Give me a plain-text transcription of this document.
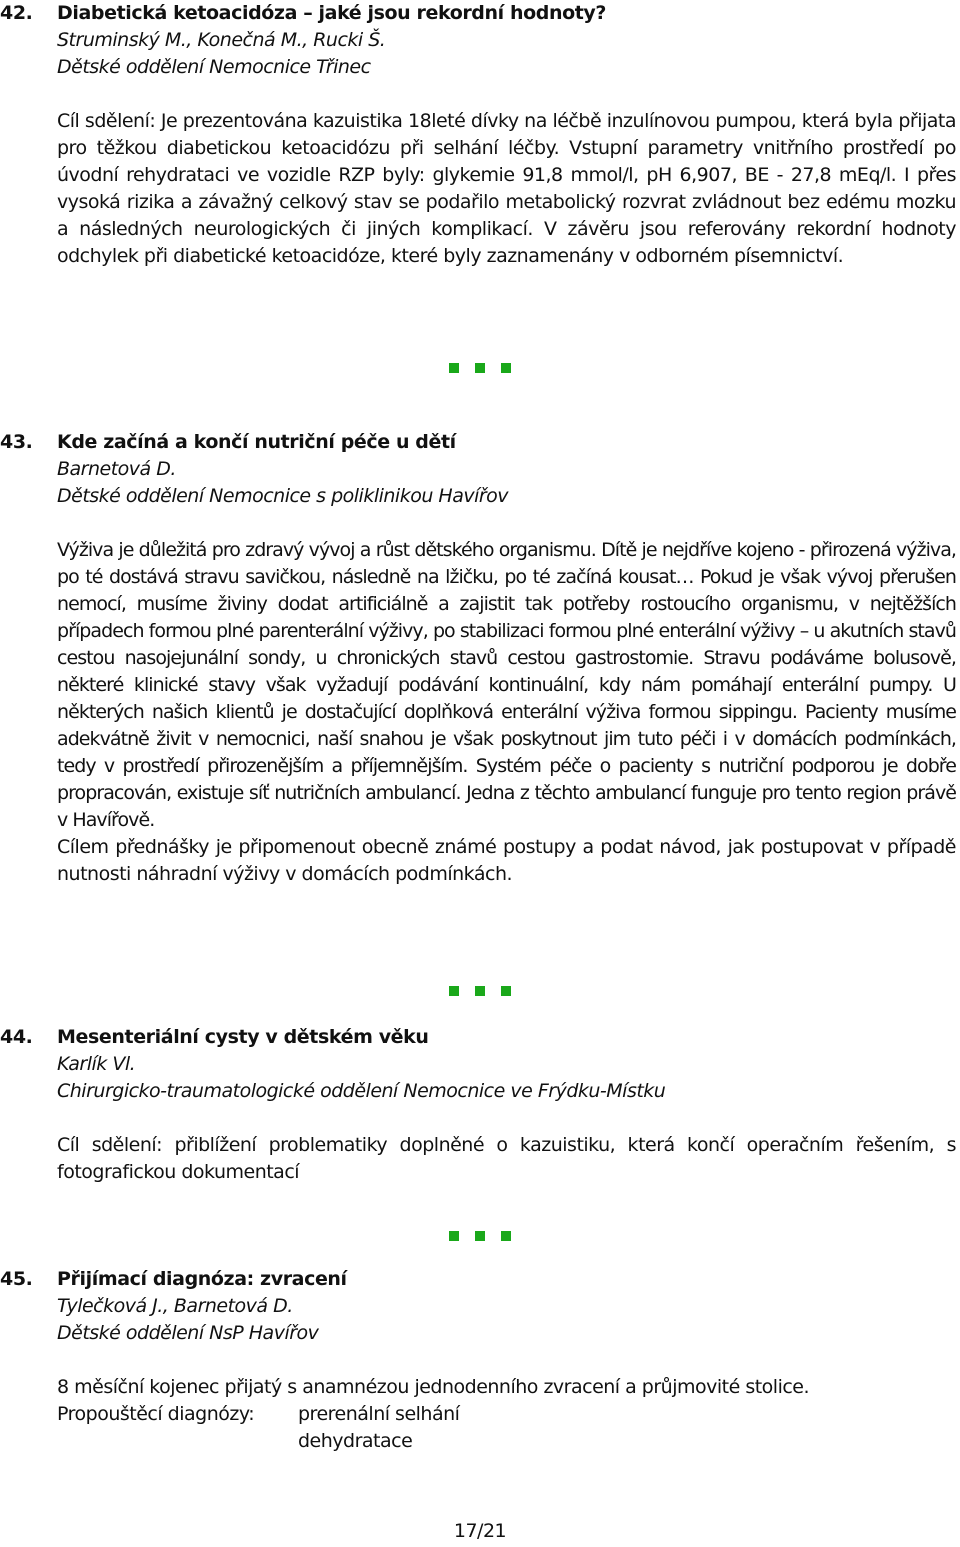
42. Diabetická ketoacidóza – jaké jsou rekordní hodnoty?
Struminský M., Konečná M., Rucki Š.
Dětské oddělení Nemocnice Třinec
Cíl sdělení: Je prezentována kazuistika 18leté dívky na léčbě inzulínovou pumpou, která byla přijata pro těžkou diabetickou ketoacidózu při selhání léčby. Vstupní parametry vnitřního prostředí po úvodní rehydrataci ve vozidle RZP byly: glykemie 91,8 mmol/l, pH 6,907, BE - 27,8 mEq/l. I přes vysoká rizika a závažný celkový stav se podařilo metabolický rozvrat zvládnout bez edému mozku a následných neurologických či jiných komplikací. V závěru jsou referovány rekordní hodnoty odchylek při diabetické ketoacidóze, které byly zaznamenány v odborném písemnictví.
43. Kde začíná a končí nutriční péče u dětí
Barnetová D.
Dětské oddělení Nemocnice s poliklinikou Havířov
Výživa je důležitá pro zdravý vývoj a růst dětského organismu. Dítě je nejdříve kojeno - přirozená výživa, po té dostává stravu savičkou, následně na lžičku, po té začíná kousat… Pokud je však vývoj přerušen nemocí, musíme živiny dodat artificiálně a zajistit tak potřeby rostoucího organismu, v nejtěžších případech formou plné parenterální výživy, po stabilizaci formou plné enterální výživy – u akutních stavů cestou nasojejunální sondy, u chronických stavů cestou gastrostomie. Stravu podáváme bolusově, některé klinické stavy však vyžadují podávání kontinuální, kdy nám pomáhají enterální pumpy. U některých našich klientů je dostačující doplňková enterální výživa formou sippingu. Pacienty musíme adekvátně živit v nemocnici, naší snahou je však poskytnout jim tuto péči i v domácích podmínkách, tedy v prostředí přirozenějším a příjemnějším. Systém péče o pacienty s nutriční podporou je dobře propracován, existuje síť nutričních ambulancí. Jedna z těchto ambulancí funguje pro tento region právě v Havířově.
Cílem přednášky je připomenout obecně známé postupy a podat návod, jak postupovat v případě nutnosti náhradní výživy v domácích podmínkách.
44. Mesenteriální cysty v dětském věku
Karlík Vl.
Chirurgicko-traumatologické oddělení Nemocnice ve Frýdku-Místku
Cíl sdělení: přiblížení problematiky doplněné o kazuistiku, která končí operačním řešením, s fotografickou dokumentací
45. Přijímací diagnóza: zvracení
Tylečková J., Barnetová D.
Dětské oddělení NsP Havířov
8 měsíční kojenec přijatý s anamnézou jednodenního zvracení a průjmovité stolice.
Propouštěcí diagnózy: prerenální selhání
dehydratace
17/21
